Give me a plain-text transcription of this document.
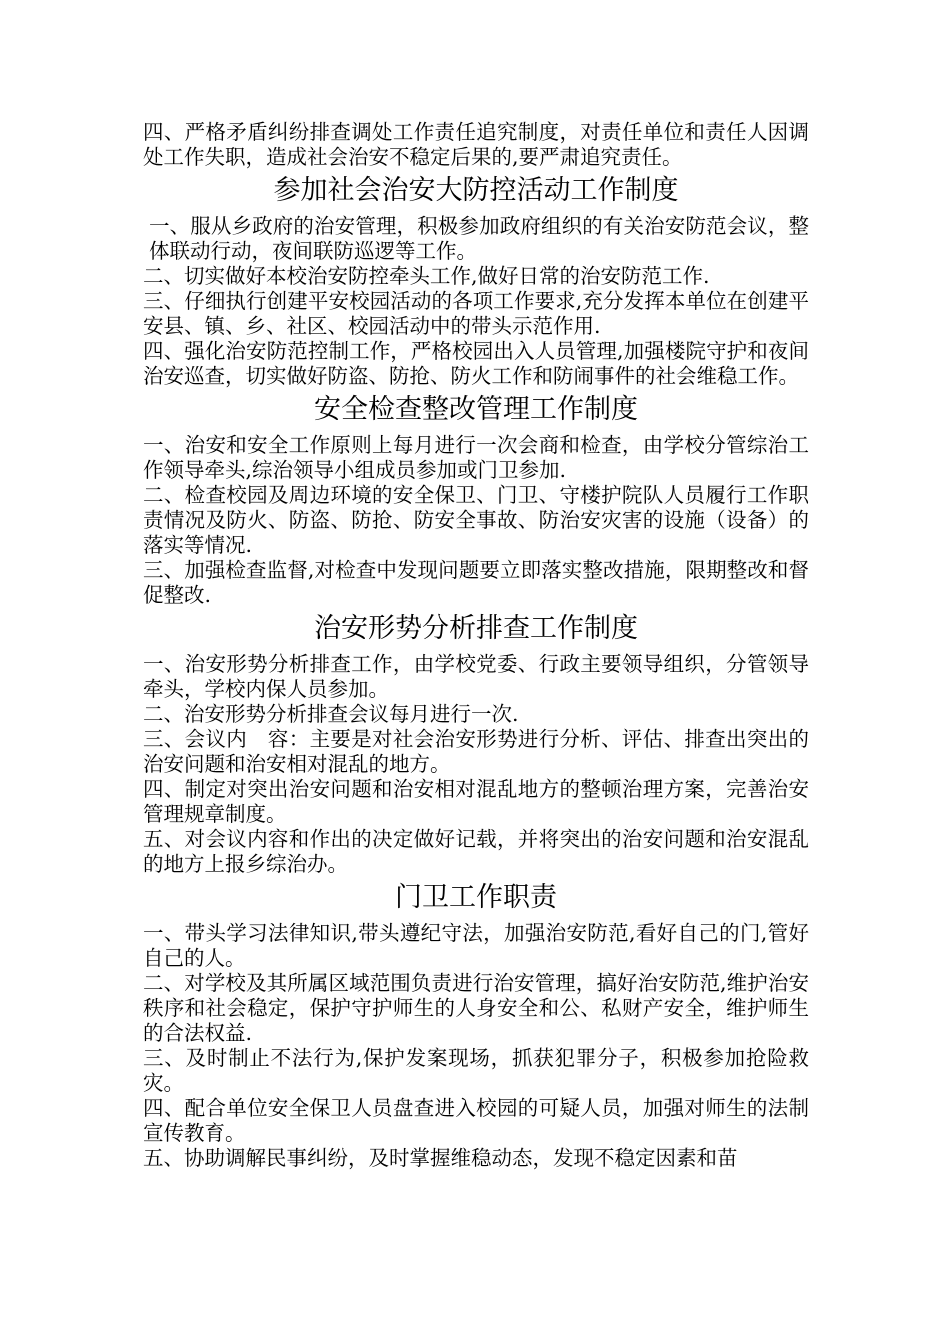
四、严格矛盾纠纷排查调处工作责任追究制度，对责任单位和责任人因调处工作失职，造成社会治安不稳定后果的,要严肃追究责任。

参加社会治安大防控活动工作制度

一、服从乡政府的治安管理，积极参加政府组织的有关治安防范会议，整体联动行动，夜间联防巡逻等工作。

二、切实做好本校治安防控牵头工作,做好日常的治安防范工作.

三、仔细执行创建平安校园活动的各项工作要求,充分发挥本单位在创建平安县、镇、乡、社区、校园活动中的带头示范作用.

四、强化治安防范控制工作，严格校园出入人员管理,加强楼院守护和夜间治安巡查，切实做好防盗、防抢、防火工作和防闹事件的社会维稳工作。

安全检查整改管理工作制度

一、治安和安全工作原则上每月进行一次会商和检查，由学校分管综治工作领导牵头,综治领导小组成员参加或门卫参加.

二、检查校园及周边环境的安全保卫、门卫、守楼护院队人员履行工作职责情况及防火、防盗、防抢、防安全事故、防治安灾害的设施（设备）的落实等情况.

三、加强检查监督,对检查中发现问题要立即落实整改措施，限期整改和督促整改.

治安形势分析排查工作制度

一、治安形势分析排查工作，由学校党委、行政主要领导组织，分管领导牵头，学校内保人员参加。

二、治安形势分析排查会议每月进行一次.

三、会议内　容：主要是对社会治安形势进行分析、评估、排查出突出的治安问题和治安相对混乱的地方。

四、制定对突出治安问题和治安相对混乱地方的整顿治理方案，完善治安管理规章制度。

五、对会议内容和作出的决定做好记载，并将突出的治安问题和治安混乱的地方上报乡综治办。

门卫工作职责

一、带头学习法律知识,带头遵纪守法，加强治安防范,看好自己的门,管好自己的人。

二、对学校及其所属区域范围负责进行治安管理，搞好治安防范,维护治安秩序和社会稳定，保护守护师生的人身安全和公、私财产安全，维护师生的合法权益.

三、及时制止不法行为,保护发案现场，抓获犯罪分子，积极参加抢险救灾。

四、配合单位安全保卫人员盘查进入校园的可疑人员，加强对师生的法制宣传教育。

五、协助调解民事纠纷，及时掌握维稳动态，发现不稳定因素和苗
